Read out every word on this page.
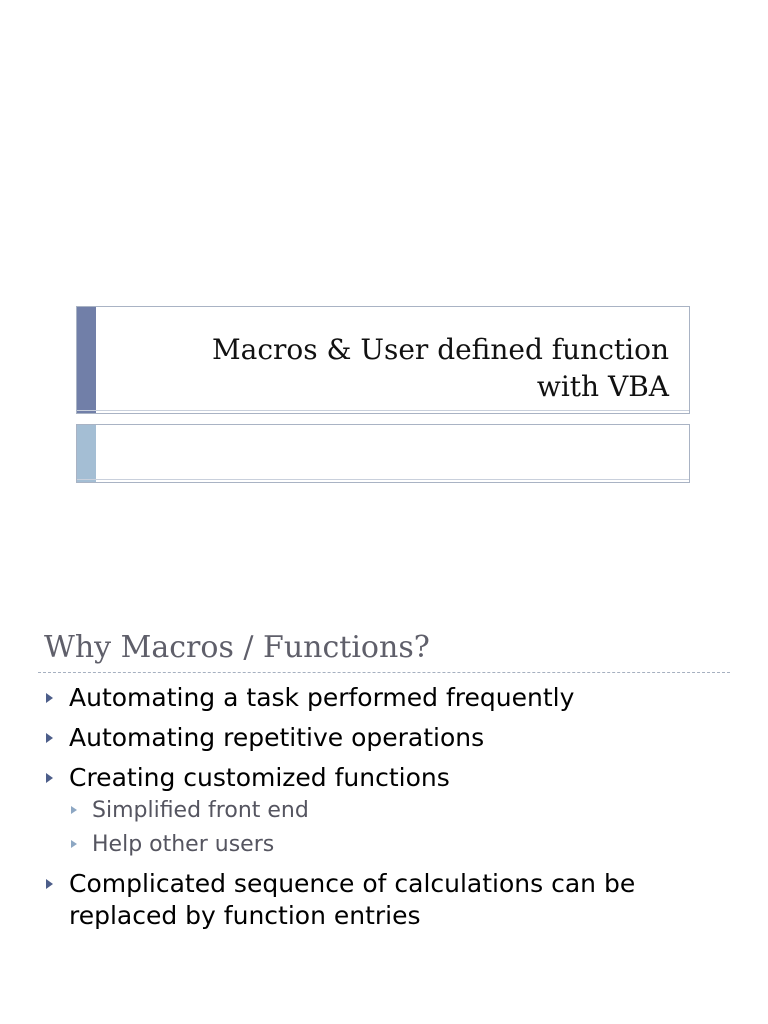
Macros & User defined function
with VBA
Why Macros / Functions?
Automating a task performed frequently
Automating repetitive operations
Creating customized functions
Simplified front end
Help other users
Complicated sequence of calculations can be
replaced by function entries
